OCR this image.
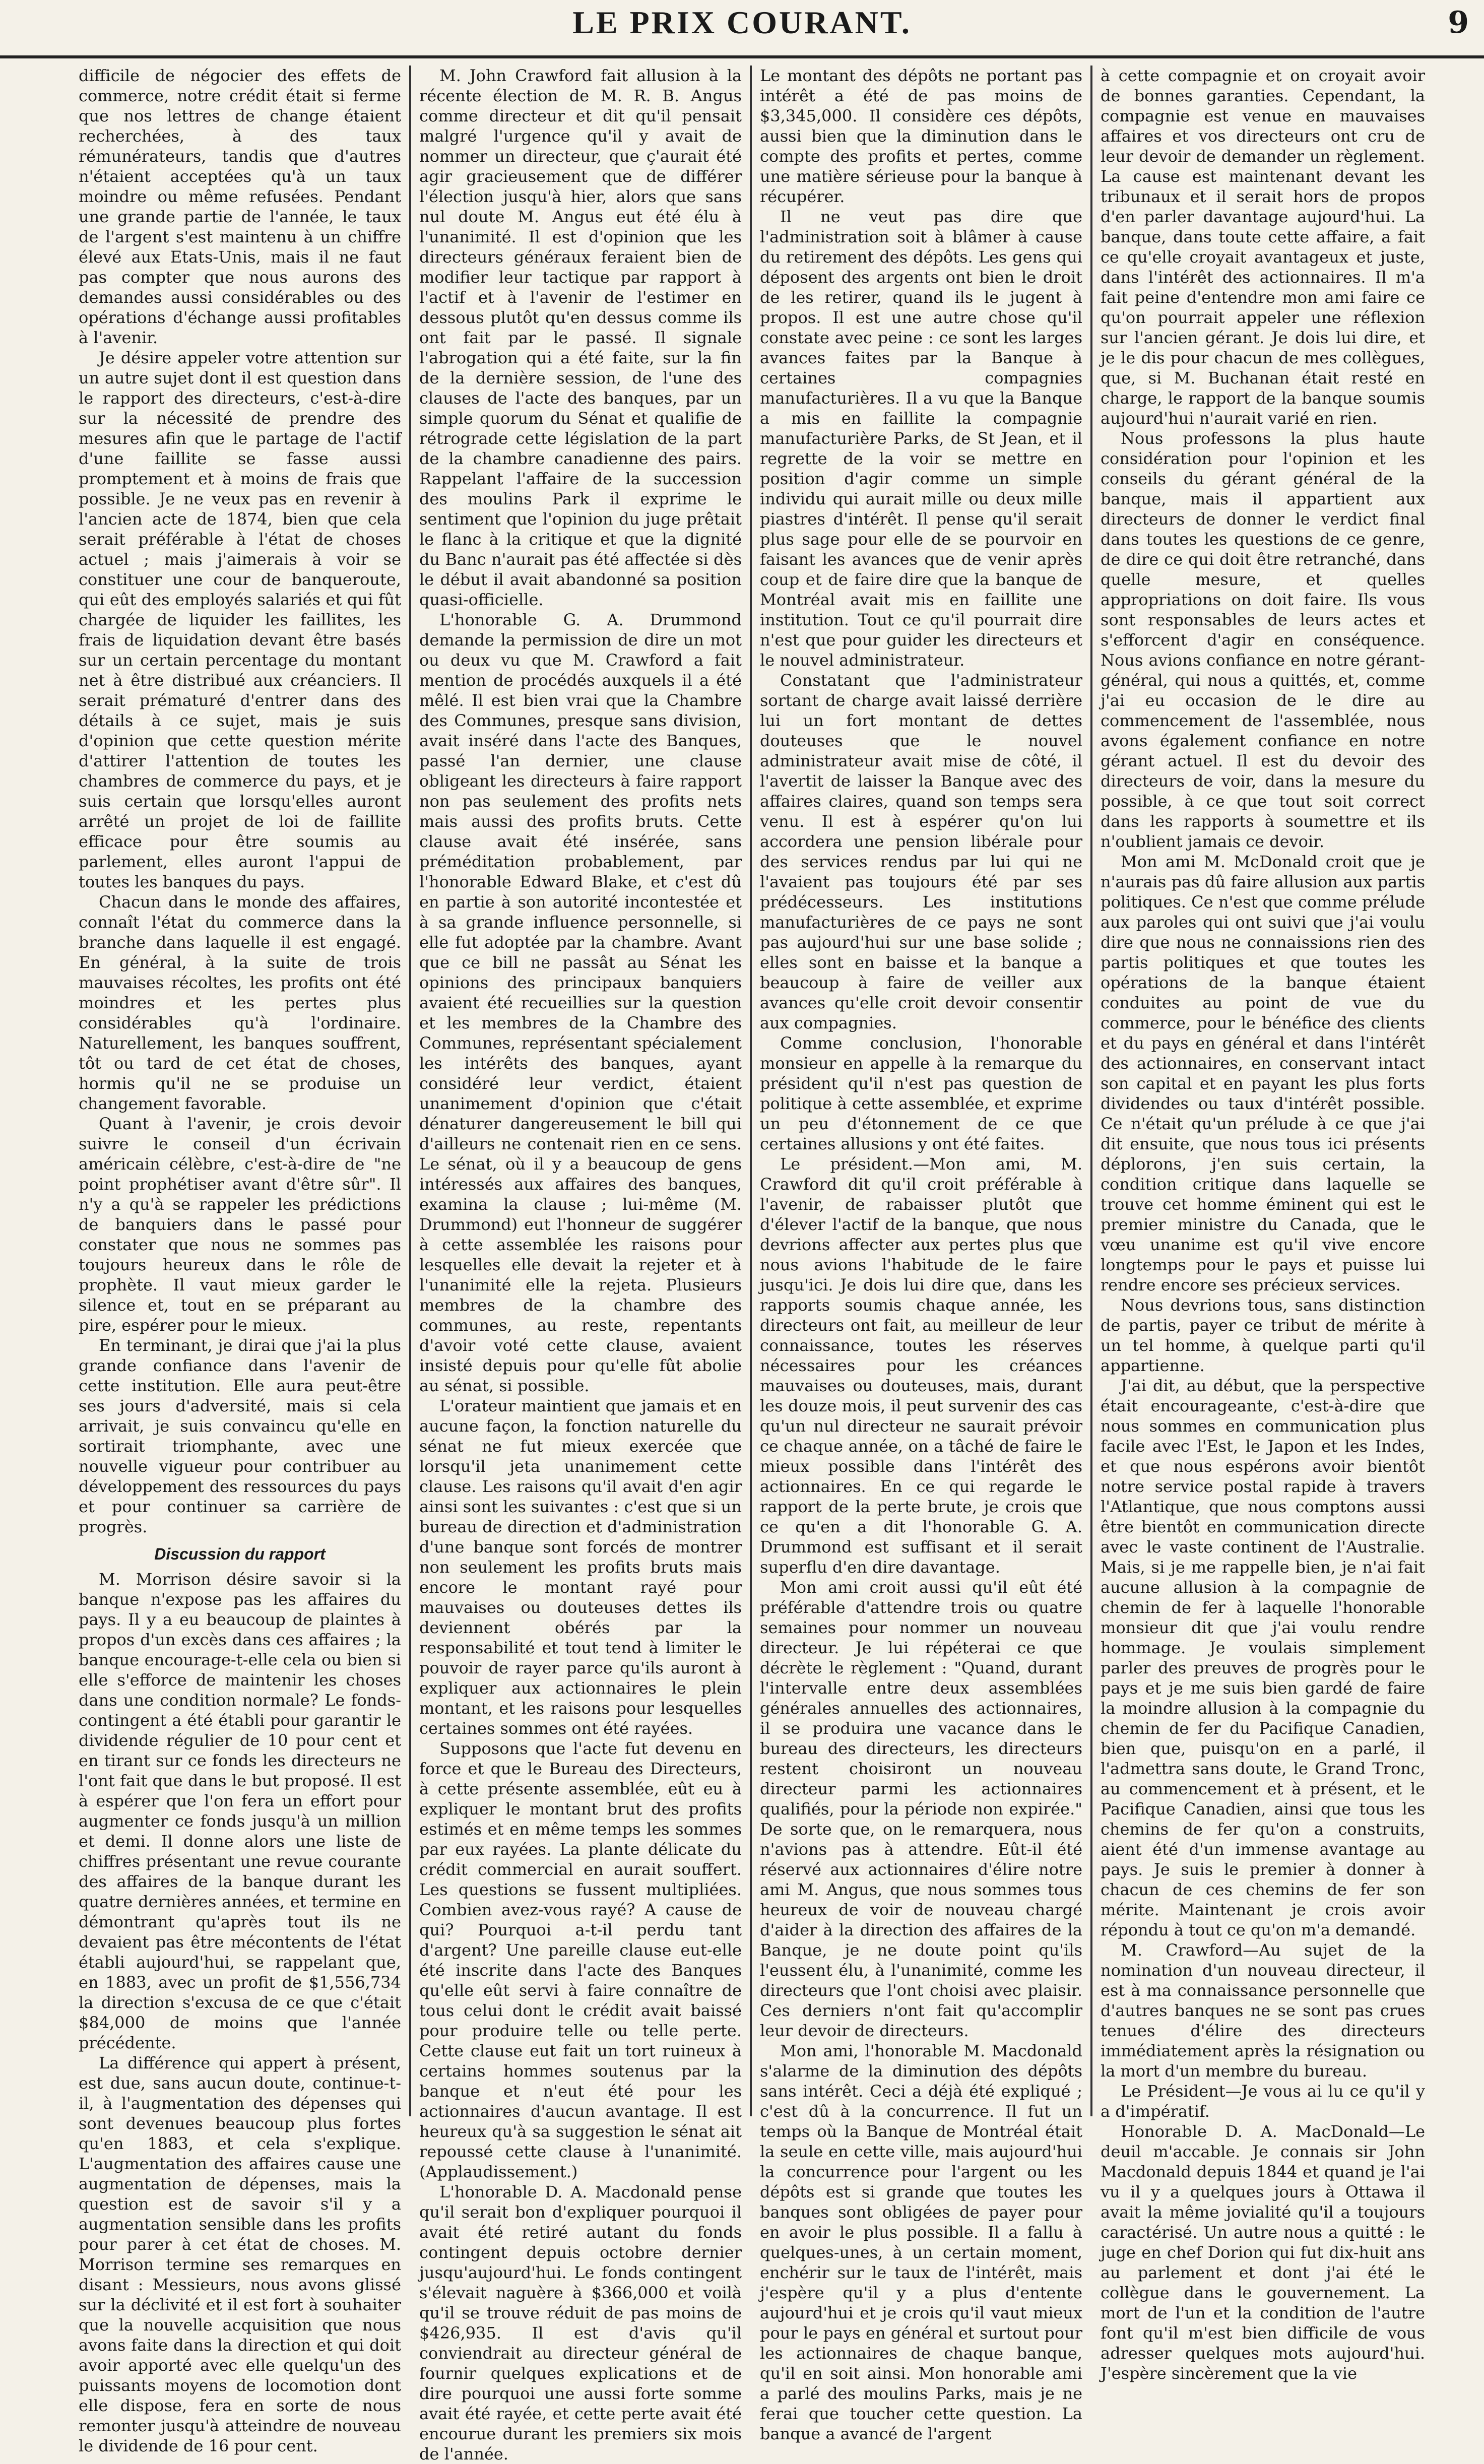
LE PRIX COURANT.	9

difficile de négocier des effets de commerce, notre crédit était si ferme que nos lettres de change étaient recherchées, à des taux rémunérateurs, tandis que d'autres n'étaient acceptées qu'à un taux moindre ou même refusées. Pendant une grande partie de l'année, le taux de l'argent s'est maintenu à un chiffre élevé aux Etats-Unis, mais il ne faut pas compter que nous aurons des demandes aussi considérables ou des opérations d'échange aussi profitables à l'avenir.

Je désire appeler votre attention sur un autre sujet dont il est question dans le rapport des directeurs, c'est-à-dire sur la nécessité de prendre des mesures afin que le partage de l'actif d'une faillite se fasse aussi promptement et à moins de frais que possible. Je ne veux pas en revenir à l'ancien acte de 1874, bien que cela serait préférable à l'état de choses actuel ; mais j'aimerais à voir se constituer une cour de banqueroute, qui eût des employés salariés et qui fût chargée de liquider les faillites, les frais de liquidation devant être basés sur un certain percentage du montant net à être distribué aux créanciers. Il serait prématuré d'entrer dans des détails à ce sujet, mais je suis d'opinion que cette question mérite d'attirer l'attention de toutes les chambres de commerce du pays, et je suis certain que lorsqu'elles auront arrêté un projet de loi de faillite efficace pour être soumis au parlement, elles auront l'appui de toutes les banques du pays.

Chacun dans le monde des affaires, connaît l'état du commerce dans la branche dans laquelle il est engagé. En général, à la suite de trois mauvaises récoltes, les profits ont été moindres et les pertes plus considérables qu'à l'ordinaire. Naturellement, les banques souffrent, tôt ou tard de cet état de choses, hormis qu'il ne se produise un changement favorable.

Quant à l'avenir, je crois devoir suivre le conseil d'un écrivain américain célèbre, c'est-à-dire de "ne point prophétiser avant d'être sûr". Il n'y a qu'à se rappeler les prédictions de banquiers dans le passé pour constater que nous ne sommes pas toujours heureux dans le rôle de prophète. Il vaut mieux garder le silence et, tout en se préparant au pire, espérer pour le mieux.

En terminant, je dirai que j'ai la plus grande confiance dans l'avenir de cette institution. Elle aura peut-être ses jours d'adversité, mais si cela arrivait, je suis convaincu qu'elle en sortirait triomphante, avec une nouvelle vigueur pour contribuer au développement des ressources du pays et pour continuer sa carrière de progrès.

Discussion du rapport

M. Morrison désire savoir si la banque n'expose pas les affaires du pays. Il y a eu beaucoup de plaintes à propos d'un excès dans ces affaires ; la banque encourage-t-elle cela ou bien si elle s'efforce de maintenir les choses dans une condition normale? Le fonds-contingent a été établi pour garantir le dividende régulier de 10 pour cent et en tirant sur ce fonds les directeurs ne l'ont fait que dans le but proposé. Il est à espérer que l'on fera un effort pour augmenter ce fonds jusqu'à un million et demi. Il donne alors une liste de chiffres présentant une revue courante des affaires de la banque durant les quatre dernières années, et termine en démontrant qu'après tout ils ne devaient pas être mécontents de l'état établi aujourd'hui, se rappelant que, en 1883, avec un profit de $1,556,734 la direction s'excusa de ce que c'était $84,000 de moins que l'année précédente.

La différence qui appert à présent, est due, sans aucun doute, continue-t-il, à l'augmentation des dépenses qui sont devenues beaucoup plus fortes qu'en 1883, et cela s'explique. L'augmentation des affaires cause une augmentation de dépenses, mais la question est de savoir s'il y a augmentation sensible dans les profits pour parer à cet état de choses. M. Morrison termine ses remarques en disant : Messieurs, nous avons glissé sur la déclivité et il est fort à souhaiter que la nouvelle acquisition que nous avons faite dans la direction et qui doit avoir apporté avec elle quelqu'un des puissants moyens de locomotion dont elle dispose, fera en sorte de nous remonter jusqu'à atteindre de nouveau le dividende de 16 pour cent.

M. John Crawford fait allusion à la récente élection de M. R. B. Angus comme directeur et dit qu'il pensait malgré l'urgence qu'il y avait de nommer un directeur, que ç'aurait été agir gracieusement que de différer l'élection jusqu'à hier, alors que sans nul doute M. Angus eut été élu à l'unanimité. Il est d'opinion que les directeurs généraux feraient bien de modifier leur tactique par rapport à l'actif et à l'avenir de l'estimer en dessous plutôt qu'en dessus comme ils ont fait par le passé. Il signale l'abrogation qui a été faite, sur la fin de la dernière session, de l'une des clauses de l'acte des banques, par un simple quorum du Sénat et qualifie de rétrograde cette législation de la part de la chambre canadienne des pairs. Rappelant l'affaire de la succession des moulins Park il exprime le sentiment que l'opinion du juge prêtait le flanc à la critique et que la dignité du Banc n'aurait pas été affectée si dès le début il avait abandonné sa position quasi-officielle.

L'honorable G. A. Drummond demande la permission de dire un mot ou deux vu que M. Crawford a fait mention de procédés auxquels il a été mêlé. Il est bien vrai que la Chambre des Communes, presque sans division, avait inséré dans l'acte des Banques, passé l'an dernier, une clause obligeant les directeurs à faire rapport non pas seulement des profits nets mais aussi des profits bruts. Cette clause avait été insérée, sans préméditation probablement, par l'honorable Edward Blake, et c'est dû en partie à son autorité incontestée et à sa grande influence personnelle, si elle fut adoptée par la chambre. Avant que ce bill ne passât au Sénat les opinions des principaux banquiers avaient été recueillies sur la question et les membres de la Chambre des Communes, représentant spécialement les intérêts des banques, ayant considéré leur verdict, étaient unanimement d'opinion que c'était dénaturer dangereusement le bill qui d'ailleurs ne contenait rien en ce sens. Le sénat, où il y a beaucoup de gens intéressés aux affaires des banques, examina la clause ; lui-même (M. Drummond) eut l'honneur de suggérer à cette assemblée les raisons pour lesquelles elle devait la rejeter et à l'unanimité elle la rejeta. Plusieurs membres de la chambre des communes, au reste, repentants d'avoir voté cette clause, avaient insisté depuis pour qu'elle fût abolie au sénat, si possible.

L'orateur maintient que jamais et en aucune façon, la fonction naturelle du sénat ne fut mieux exercée que lorsqu'il jeta unanimement cette clause. Les raisons qu'il avait d'en agir ainsi sont les suivantes : c'est que si un bureau de direction et d'administration d'une banque sont forcés de montrer non seulement les profits bruts mais encore le montant rayé pour mauvaises ou douteuses dettes ils deviennent obérés par la responsabilité et tout tend à limiter le pouvoir de rayer parce qu'ils auront à expliquer aux actionnaires le plein montant, et les raisons pour lesquelles certaines sommes ont été rayées.

Supposons que l'acte fut devenu en force et que le Bureau des Directeurs, à cette présente assemblée, eût eu à expliquer le montant brut des profits estimés et en même temps les sommes par eux rayées. La plante délicate du crédit commercial en aurait souffert. Les questions se fussent multipliées. Combien avez-vous rayé? A cause de qui? Pourquoi a-t-il perdu tant d'argent? Une pareille clause eut-elle été inscrite dans l'acte des Banques qu'elle eût servi à faire connaître de tous celui dont le crédit avait baissé pour produire telle ou telle perte. Cette clause eut fait un tort ruineux à certains hommes soutenus par la banque et n'eut été pour les actionnaires d'aucun avantage. Il est heureux qu'à sa suggestion le sénat ait repoussé cette clause à l'unanimité. (Applaudissement.)

L'honorable D. A. Macdonald pense qu'il serait bon d'expliquer pourquoi il avait été retiré autant du fonds contingent depuis octobre dernier jusqu'aujourd'hui. Le fonds contingent s'élevait naguère à $366,000 et voilà qu'il se trouve réduit de pas moins de $426,935. Il est d'avis qu'il conviendrait au directeur général de fournir quelques explications et de dire pourquoi une aussi forte somme avait été rayée, et cette perte avait été encourue durant les premiers six mois de l'année.

Le montant des dépôts ne portant pas intérêt a été de pas moins de $3,345,000. Il considère ces dépôts, aussi bien que la diminution dans le compte des profits et pertes, comme une matière sérieuse pour la banque à récupérer.

Il ne veut pas dire que l'administration soit à blâmer à cause du retirement des dépôts. Les gens qui déposent des argents ont bien le droit de les retirer, quand ils le jugent à propos. Il est une autre chose qu'il constate avec peine : ce sont les larges avances faites par la Banque à certaines compagnies manufacturières. Il a vu que la Banque a mis en faillite la compagnie manufacturière Parks, de St Jean, et il regrette de la voir se mettre en position d'agir comme un simple individu qui aurait mille ou deux mille piastres d'intérêt. Il pense qu'il serait plus sage pour elle de se pourvoir en faisant les avances que de venir après coup et de faire dire que la banque de Montréal avait mis en faillite une institution. Tout ce qu'il pourrait dire n'est que pour guider les directeurs et le nouvel administrateur.

Constatant que l'administrateur sortant de charge avait laissé derrière lui un fort montant de dettes douteuses que le nouvel administrateur avait mise de côté, il l'avertit de laisser la Banque avec des affaires claires, quand son temps sera venu. Il est à espérer qu'on lui accordera une pension libérale pour des services rendus par lui qui ne l'avaient pas toujours été par ses prédécesseurs. Les institutions manufacturières de ce pays ne sont pas aujourd'hui sur une base solide ; elles sont en baisse et la banque a beaucoup à faire de veiller aux avances qu'elle croit devoir consentir aux compagnies.

Comme conclusion, l'honorable monsieur en appelle à la remarque du président qu'il n'est pas question de politique à cette assemblée, et exprime un peu d'étonnement de ce que certaines allusions y ont été faites.

Le président.—Mon ami, M. Crawford dit qu'il croit préférable à l'avenir, de rabaisser plutôt que d'élever l'actif de la banque, que nous devrions affecter aux pertes plus que nous avions l'habitude de le faire jusqu'ici. Je dois lui dire que, dans les rapports soumis chaque année, les directeurs ont fait, au meilleur de leur connaissance, toutes les réserves nécessaires pour les créances mauvaises ou douteuses, mais, durant les douze mois, il peut survenir des cas qu'un nul directeur ne saurait prévoir ce chaque année, on a tâché de faire le mieux possible dans l'intérêt des actionnaires. En ce qui regarde le rapport de la perte brute, je crois que ce qu'en a dit l'honorable G. A. Drummond est suffisant et il serait superflu d'en dire davantage.

Mon ami croit aussi qu'il eût été préférable d'attendre trois ou quatre semaines pour nommer un nouveau directeur. Je lui répéterai ce que décrète le règlement : "Quand, durant l'intervalle entre deux assemblées générales annuelles des actionnaires, il se produira une vacance dans le bureau des directeurs, les directeurs restent choisiront un nouveau directeur parmi les actionnaires qualifiés, pour la période non expirée." De sorte que, on le remarquera, nous n'avions pas à attendre. Eût-il été réservé aux actionnaires d'élire notre ami M. Angus, que nous sommes tous heureux de voir de nouveau chargé d'aider à la direction des affaires de la Banque, je ne doute point qu'ils l'eussent élu, à l'unanimité, comme les directeurs que l'ont choisi avec plaisir. Ces derniers n'ont fait qu'accomplir leur devoir de directeurs.

Mon ami, l'honorable M. Macdonald s'alarme de la diminution des dépôts sans intérêt. Ceci a déjà été expliqué ; c'est dû à la concurrence. Il fut un temps où la Banque de Montréal était la seule en cette ville, mais aujourd'hui la concurrence pour l'argent ou les dépôts est si grande que toutes les banques sont obligées de payer pour en avoir le plus possible. Il a fallu à quelques-unes, à un certain moment, enchérir sur le taux de l'intérêt, mais j'espère qu'il y a plus d'entente aujourd'hui et je crois qu'il vaut mieux pour le pays en général et surtout pour les actionnaires de chaque banque, qu'il en soit ainsi. Mon honorable ami a parlé des moulins Parks, mais je ne ferai que toucher cette question. La banque a avancé de l'argent

à cette compagnie et on croyait avoir de bonnes garanties. Cependant, la compagnie est venue en mauvaises affaires et vos directeurs ont cru de leur devoir de demander un règlement. La cause est maintenant devant les tribunaux et il serait hors de propos d'en parler davantage aujourd'hui. La banque, dans toute cette affaire, a fait ce qu'elle croyait avantageux et juste, dans l'intérêt des actionnaires. Il m'a fait peine d'entendre mon ami faire ce qu'on pourrait appeler une réflexion sur l'ancien gérant. Je dois lui dire, et je le dis pour chacun de mes collègues, que, si M. Buchanan était resté en charge, le rapport de la banque soumis aujourd'hui n'aurait varié en rien.

Nous professons la plus haute considération pour l'opinion et les conseils du gérant général de la banque, mais il appartient aux directeurs de donner le verdict final dans toutes les questions de ce genre, de dire ce qui doit être retranché, dans quelle mesure, et quelles appropriations on doit faire. Ils vous sont responsables de leurs actes et s'efforcent d'agir en conséquence. Nous avions confiance en notre gérant-général, qui nous a quittés, et, comme j'ai eu occasion de le dire au commencement de l'assemblée, nous avons également confiance en notre gérant actuel. Il est du devoir des directeurs de voir, dans la mesure du possible, à ce que tout soit correct dans les rapports à soumettre et ils n'oublient jamais ce devoir.

Mon ami M. McDonald croit que je n'aurais pas dû faire allusion aux partis politiques. Ce n'est que comme prélude aux paroles qui ont suivi que j'ai voulu dire que nous ne connaissions rien des partis politiques et que toutes les opérations de la banque étaient conduites au point de vue du commerce, pour le bénéfice des clients et du pays en général et dans l'intérêt des actionnaires, en conservant intact son capital et en payant les plus forts dividendes ou taux d'intérêt possible. Ce n'était qu'un prélude à ce que j'ai dit ensuite, que nous tous ici présents déplorons, j'en suis certain, la condition critique dans laquelle se trouve cet homme éminent qui est le premier ministre du Canada, que le vœu unanime est qu'il vive encore longtemps pour le pays et puisse lui rendre encore ses précieux services.

Nous devrions tous, sans distinction de partis, payer ce tribut de mérite à un tel homme, à quelque parti qu'il appartienne.

J'ai dit, au début, que la perspective était encourageante, c'est-à-dire que nous sommes en communication plus facile avec l'Est, le Japon et les Indes, et que nous espérons avoir bientôt notre service postal rapide à travers l'Atlantique, que nous comptons aussi être bientôt en communication directe avec le vaste continent de l'Australie. Mais, si je me rappelle bien, je n'ai fait aucune allusion à la compagnie de chemin de fer à laquelle l'honorable monsieur dit que j'ai voulu rendre hommage. Je voulais simplement parler des preuves de progrès pour le pays et je me suis bien gardé de faire la moindre allusion à la compagnie du chemin de fer du Pacifique Canadien, bien que, puisqu'on en a parlé, il l'admettra sans doute, le Grand Tronc, au commencement et à présent, et le Pacifique Canadien, ainsi que tous les chemins de fer qu'on a construits, aient été d'un immense avantage au pays. Je suis le premier à donner à chacun de ces chemins de fer son mérite. Maintenant je crois avoir répondu à tout ce qu'on m'a demandé.

M. Crawford—Au sujet de la nomination d'un nouveau directeur, il est à ma connaissance personnelle que d'autres banques ne se sont pas crues tenues d'élire des directeurs immédiatement après la résignation ou la mort d'un membre du bureau.

Le Président—Je vous ai lu ce qu'il y a d'impératif.

Honorable D. A. MacDonald—Le deuil m'accable. Je connais sir John Macdonald depuis 1844 et quand je l'ai vu il y a quelques jours à Ottawa il avait la même jovialité qu'il a toujours caractérisé. Un autre nous a quitté : le juge en chef Dorion qui fut dix-huit ans au parlement et dont j'ai été le collègue dans le gouvernement. La mort de l'un et la condition de l'autre font qu'il m'est bien difficile de vous adresser quelques mots aujourd'hui. J'espère sincèrement que la vie
